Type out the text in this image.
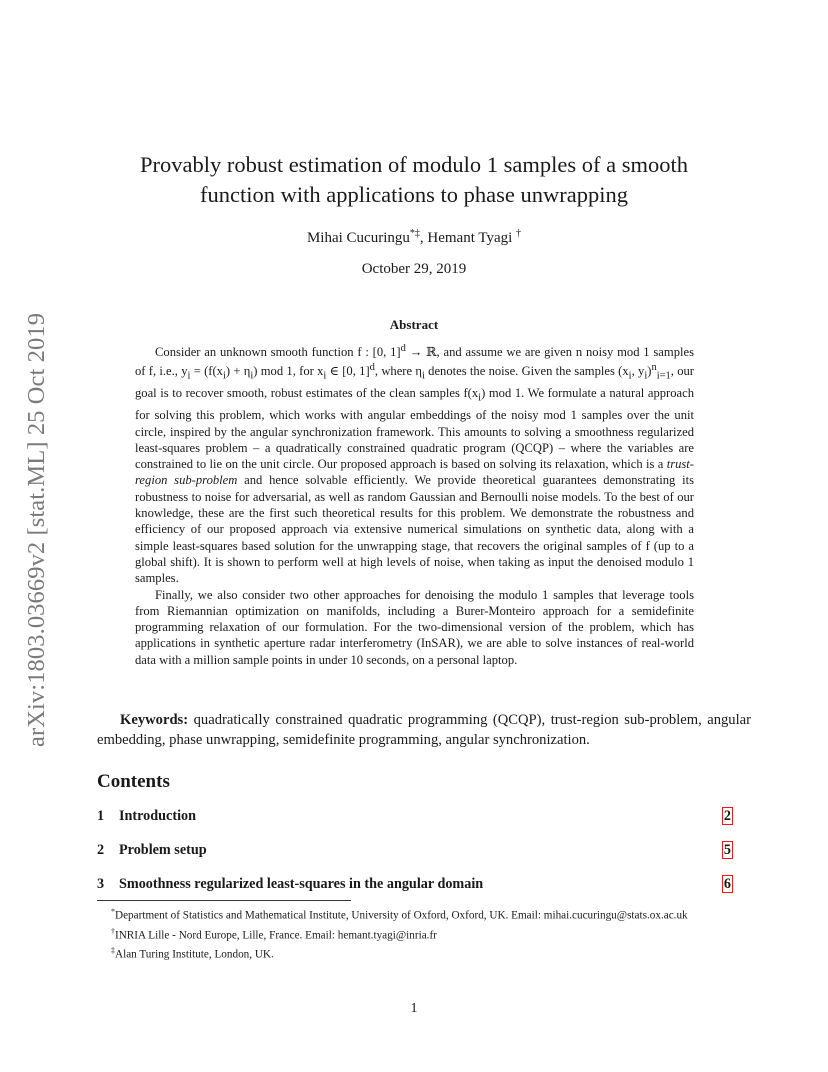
arXiv:1803.03669v2 [stat.ML] 25 Oct 2019
Provably robust estimation of modulo 1 samples of a smooth
function with applications to phase unwrapping
Mihai Cucuringu*‡, Hemant Tyagi †
October 29, 2019
Abstract

Consider an unknown smooth function f : [0, 1]$^d$ → ℝ, and assume we are given n noisy mod 1 samples of f, i.e., $y_i = (f(x_i) + \eta_i)$ mod 1, for $x_i$ ∈ [0, 1]$^d$, where $\eta_i$ denotes the noise. Given the samples ($x_i$, $y_i)^n_{i=1}$, our goal is to recover smooth, robust estimates of the clean samples $f(x_i)$ mod 1. We formulate a natural approach for solving this problem, which works with angular embeddings of the noisy mod 1 samples over the unit circle, inspired by the angular synchronization framework. This amounts to solving a smoothness regularized least-squares problem – a quadratically constrained quadratic program (QCQP) – where the variables are constrained to lie on the unit circle. Our proposed approach is based on solving its relaxation, which is a trust-region sub-problem and hence solvable efficiently. We provide theoretical guarantees demonstrating its robustness to noise for adversarial, as well as random Gaussian and Bernoulli noise models. To the best of our knowledge, these are the first such theoretical results for this problem. We demonstrate the robustness and efficiency of our proposed approach via extensive numerical simulations on synthetic data, along with a simple least-squares based solution for the unwrapping stage, that recovers the original samples of f (up to a global shift). It is shown to perform well at high levels of noise, when taking as input the denoised modulo 1 samples.

Finally, we also consider two other approaches for denoising the modulo 1 samples that leverage tools from Riemannian optimization on manifolds, including a Burer-Monteiro approach for a semidefinite programming relaxation of our formulation. For the two-dimensional version of the problem, which has applications in synthetic aperture radar interferometry (InSAR), we are able to solve instances of real-world data with a million sample points in under 10 seconds, on a personal laptop.

Keywords: quadratically constrained quadratic programming (QCQP), trust-region sub-problem, angular embedding, phase unwrapping, semidefinite programming, angular synchronization.

Contents
1 Introduction	2
2 Problem setup	5
3 Smoothness regularized least-squares in the angular domain	6

*Department of Statistics and Mathematical Institute, University of Oxford, Oxford, UK. Email: mihai.cucuringu@stats.ox.ac.uk

†INRIA Lille - Nord Europe, Lille, France. Email: hemant.tyagi@inria.fr

‡Alan Turing Institute, London, UK.

1
